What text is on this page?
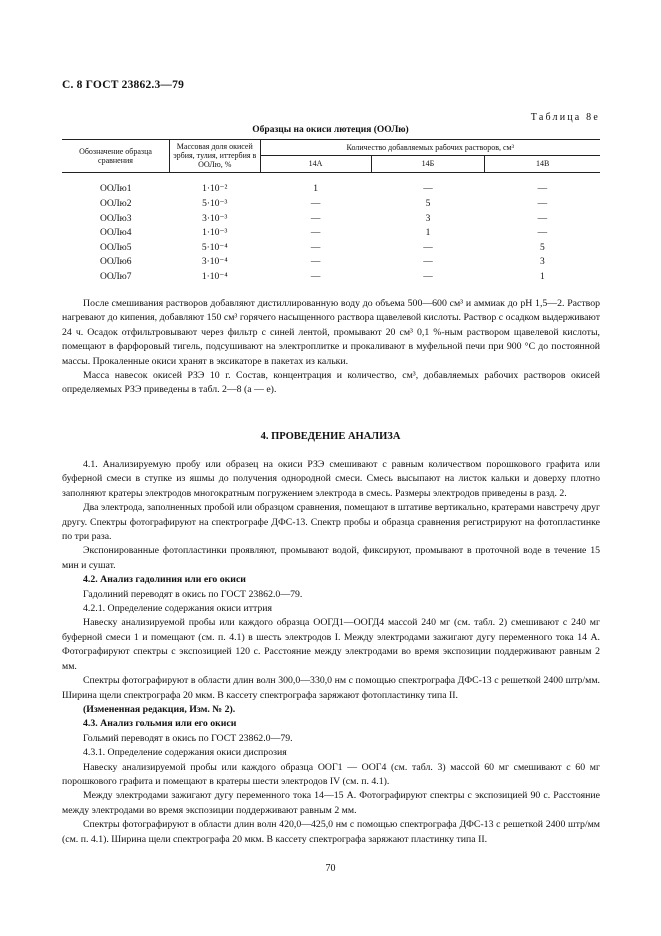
С. 8 ГОСТ 23862.3—79
Таблица 8е
Образцы на окиси лютеция (ООЛю)
Обозначение образца сравнения	Массовая доля окисей эрбия, тулия, иттербия в ООЛю, %	Количество добавляемых рабочих растворов, см³		
		14А	14Б	14В
ООЛю1	1·10⁻²	1	—	—
ООЛю2	5·10⁻³	—	5	—
ООЛю3	3·10⁻³	—	3	—
ООЛю4	1·10⁻³	—	1	—
ООЛю5	5·10⁻⁴	—	—	5
ООЛю6	3·10⁻⁴	—	—	3
ООЛю7	1·10⁻⁴	—	—	1

После смешивания растворов добавляют дистиллированную воду до объема 500—600 см³ и аммиак до рН 1,5—2. Раствор нагревают до кипения, добавляют 150 см³ горячего насыщенного раствора щавелевой кислоты. Раствор с осадком выдерживают 24 ч. Осадок отфильтровывают через фильтр с синей лентой, промывают 20 см³ 0,1 %-ным раствором щавелевой кислоты, помещают в фарфоровый тигель, подсушивают на электроплитке и прокаливают в муфельной печи при 900 °С до постоянной массы. Прокаленные окиси хранят в эксикаторе в пакетах из кальки.

Масса навесок окисей РЗЭ 10 г. Состав, концентрация и количество, см³, добавляемых рабочих растворов окисей определяемых РЗЭ приведены в табл. 2—8 (а — е).

4. ПРОВЕДЕНИЕ АНАЛИЗА

4.1. Анализируемую пробу или образец на окиси РЗЭ смешивают с равным количеством порошкового графита или буферной смеси в ступке из яшмы до получения однородной смеси. Смесь высыпают на листок кальки и доверху плотно заполняют кратеры электродов многократным погружением электрода в смесь. Размеры электродов приведены в разд. 2.

Два электрода, заполненных пробой или образцом сравнения, помещают в штативе вертикально, кратерами навстречу друг другу. Спектры фотографируют на спектрографе ДФС-13. Спектр пробы и образца сравнения регистрируют на фотопластинке по три раза.

Экспонированные фотопластинки проявляют, промывают водой, фиксируют, промывают в проточной воде в течение 15 мин и сушат.

4.2. Анализ гадолиния или его окиси

Гадолиний переводят в окись по ГОСТ 23862.0—79.

4.2.1. Определение содержания окиси иттрия

Навеску анализируемой пробы или каждого образца ООГД1—ООГД4 массой 240 мг (см. табл. 2) смешивают с 240 мг буферной смеси 1 и помещают (см. п. 4.1) в шесть электродов I. Между электродами зажигают дугу переменного тока 14 А. Фотографируют спектры с экспозицией 120 с. Расстояние между электродами во время экспозиции поддерживают равным 2 мм.

Спектры фотографируют в области длин волн 300,0—330,0 нм с помощью спектрографа ДФС-13 с решеткой 2400 штр/мм. Ширина щели спектрографа 20 мкм. В кассету спектрографа заряжают фотопластинку типа II.

(Измененная редакция, Изм. № 2).

4.3. Анализ гольмия или его окиси

Гольмий переводят в окись по ГОСТ 23862.0—79.

4.3.1. Определение содержания окиси диспрозия

Навеску анализируемой пробы или каждого образца ООГ1 — ООГ4 (см. табл. 3) массой 60 мг смешивают с 60 мг порошкового графита и помещают в кратеры шести электродов IV (см. п. 4.1).

Между электродами зажигают дугу переменного тока 14—15 А. Фотографируют спектры с экспозицией 90 с. Расстояние между электродами во время экспозиции поддерживают равным 2 мм.

Спектры фотографируют в области длин волн 420,0—425,0 нм с помощью спектрографа ДФС-13 с решеткой 2400 штр/мм (см. п. 4.1). Ширина щели спектрографа 20 мкм. В кассету спектрографа заряжают пластинку типа II.

70
